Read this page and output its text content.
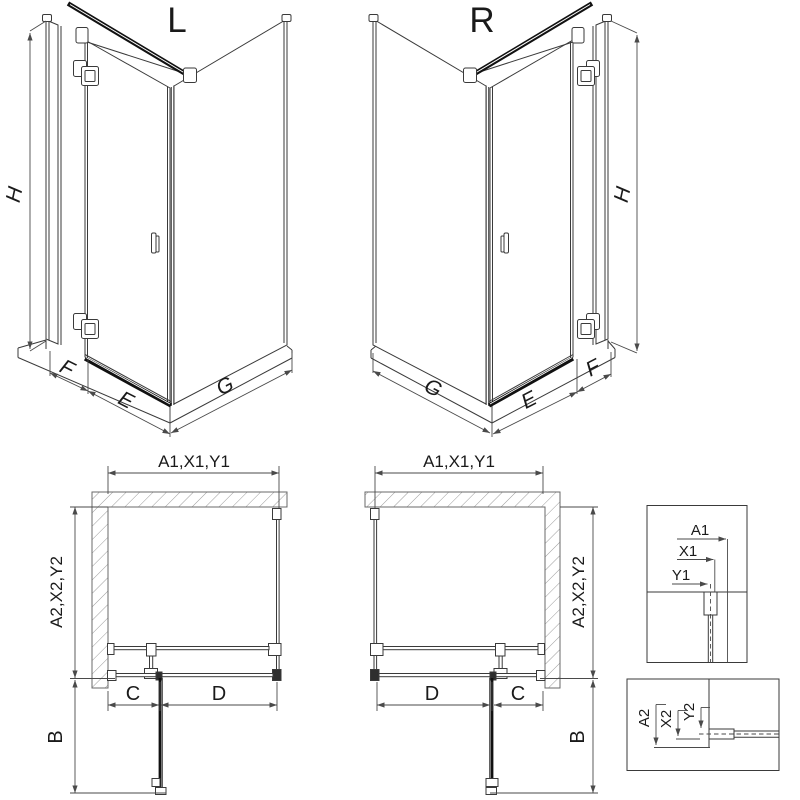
L
H
F
E
G
R
H
F
E
G
A1,X1,Y1
C	D
A2,X2,Y2
B
A1,X1,Y1
D	C
A2,X2,Y2
B
A1
X1
Y1
A2 X2 Y2
